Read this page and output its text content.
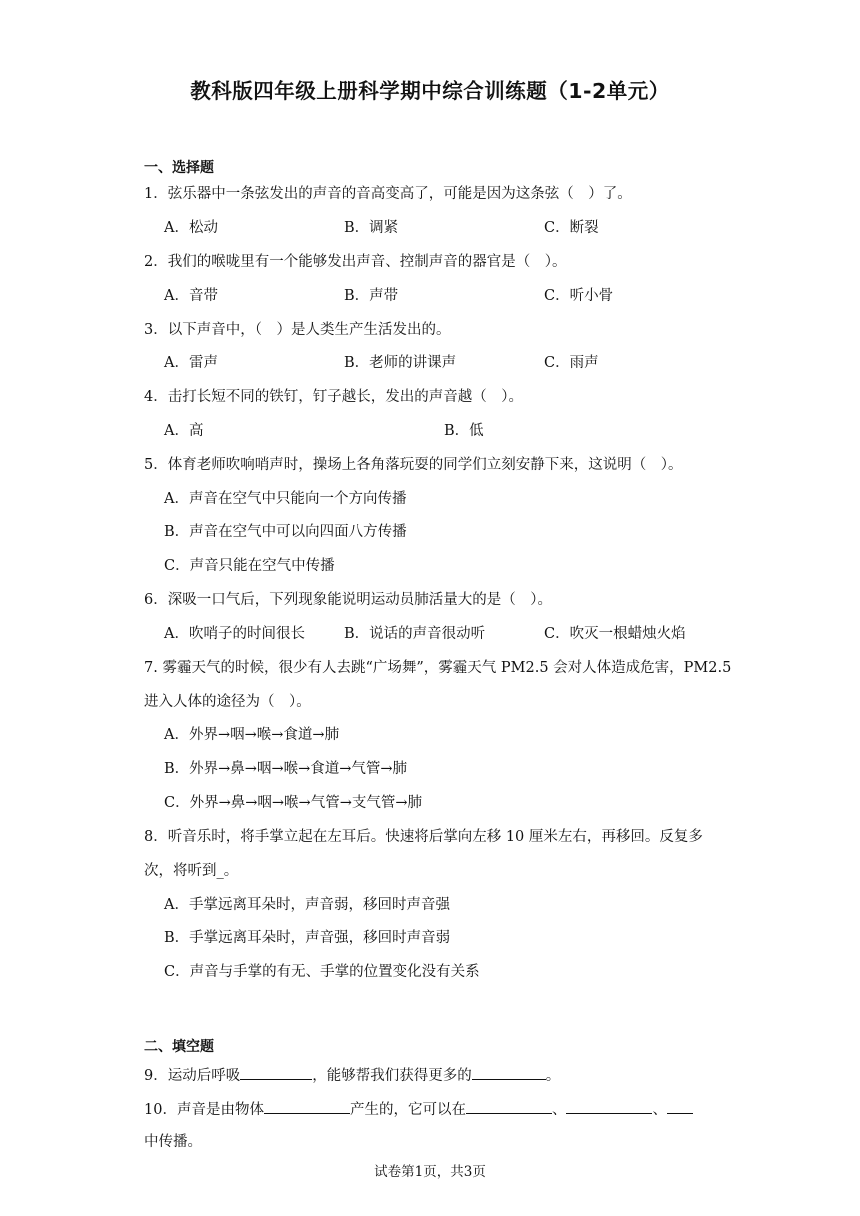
教科版四年级上册科学期中综合训练题（1-2单元）
一、选择题
1．弦乐器中一条弦发出的声音的音高变高了，可能是因为这条弦（　）了。
A．松动	B．调紧	C．断裂
2．我们的喉咙里有一个能够发出声音、控制声音的器官是（　）。
A．音带	B．声带	C．听小骨
3．以下声音中，（　）是人类生产生活发出的。
A．雷声	B．老师的讲课声	C．雨声
4．击打长短不同的铁钉，钉子越长，发出的声音越（　）。
A．高	B．低
5．体育老师吹响哨声时，操场上各角落玩耍的同学们立刻安静下来，这说明（　）。
A．声音在空气中只能向一个方向传播
B．声音在空气中可以向四面八方传播
C．声音只能在空气中传播
6．深吸一口气后，下列现象能说明运动员肺活量大的是（　）。
A．吹哨子的时间很长	B．说话的声音很动听	C．吹灭一根蜡烛火焰
7. 雾霾天气的时候，很少有人去跳“广场舞”，雾霾天气 PM2.5 会对人体造成危害，PM2.5
进入人体的途径为（　）。
A．外界→咽→喉→食道→肺
B．外界→鼻→咽→喉→食道→气管→肺
C．外界→鼻→咽→喉→气管→支气管→肺
8．听音乐时，将手掌立起在左耳后。快速将后掌向左移 10 厘米左右，再移回。反复多
次，将听到_。
A．手掌远离耳朵时，声音弱，移回时声音强
B．手掌远离耳朵时，声音强，移回时声音弱
C．声音与手掌的有无、手掌的位置变化没有关系
二、填空题
9．运动后呼吸	，能够帮我们获得更多的	。
10．声音是由物体	产生的，它可以在	、	、
中传播。
试卷第1页，共3页
